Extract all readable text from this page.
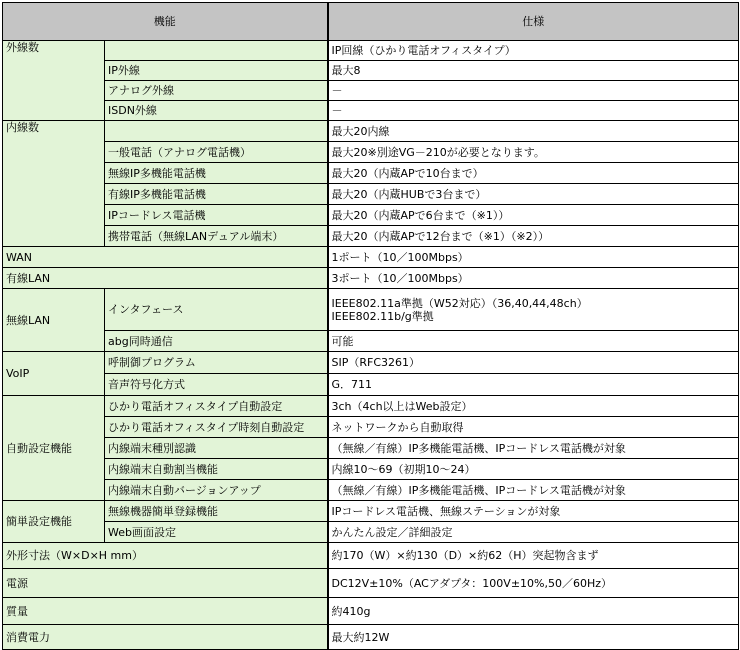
機能		仕様
外線数		IP回線（ひかり電話オフィスタイプ）
	IP外線	最大8
	アナログ外線	－
	ISDN外線	－
内線数		最大20内線
	一般電話（アナログ電話機）	最大20※別途VG－210が必要となります。
	無線IP多機能電話機	最大20（内蔵APで10台まで）
	有線IP多機能電話機	最大20（内蔵HUBで3台まで）
	IPコードレス電話機	最大20（内蔵APで6台まで（※1））
	携帯電話（無線LANデュアル端末）	最大20（内蔵APで12台まで（※1）（※2））
WAN		1ポート（10／100Mbps）
有線LAN		3ポート（10／100Mbps）
無線LAN	インタフェース	IEEE802.11a準拠（W52対応）（36,40,44,48ch）
IEEE802.11b/g準拠

	abg同時通信	可能
VoIP	呼制御プログラム	SIP（RFC3261）
	音声符号化方式	G．711
自動設定機能	ひかり電話オフィスタイプ自動設定	3ch（4ch以上はWeb設定）
	ひかり電話オフィスタイプ時刻自動設定	ネットワークから自動取得
	内線端末種別認識	（無線／有線）IP多機能電話機、IPコードレス電話機が対象
	内線端末自動割当機能	内線10～69（初期10～24）
	内線端末自動バージョンアップ	（無線／有線）IP多機能電話機、IPコードレス電話機が対象
簡単設定機能	無線機器簡単登録機能	IPコードレス電話機、無線ステーションが対象
	Web画面設定	かんたん設定／詳細設定
外形寸法（W×D×H mm）		約170（W）×約130（D）×約62（H）突起物含まず
電源		DC12V±10%（ACアダプタ：100V±10%,50／60Hz）
質量		約410g
消費電力		最大約12W
